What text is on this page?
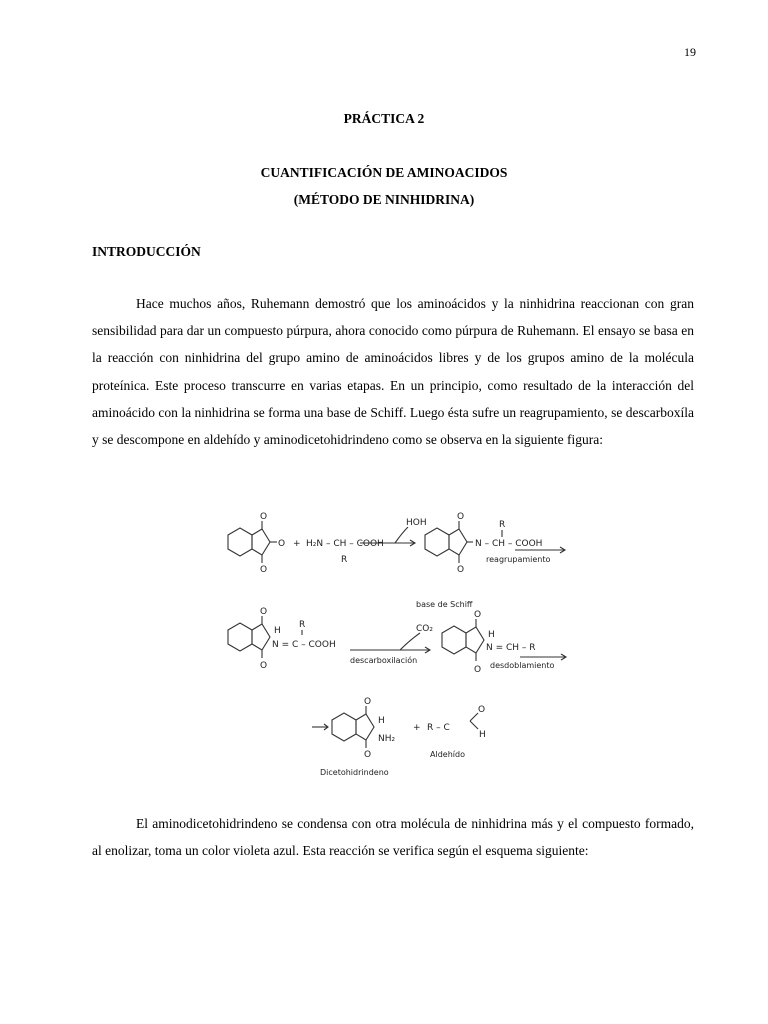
19
PRÁCTICA 2
CUANTIFICACIÓN DE AMINOACIDOS
(MÉTODO DE NINHIDRINA)
INTRODUCCIÓN

Hace muchos años, Ruhemann demostró que los aminoácidos y la ninhidrina reaccionan con gran sensibilidad para dar un compuesto púrpura, ahora conocido como púrpura de Ruhemann. El ensayo se basa en la reacción con ninhidrina del grupo amino de aminoácidos libres y de los grupos amino de la molécula proteínica. Este proceso transcurre en varias etapas. En un principio, como resultado de la interacción del aminoácido con la ninhidrina se forma una base de Schiff. Luego ésta sufre un reagrupamiento, se descarboxíla y se descompone en aldehído y aminodicetohidrindeno como se observa en la siguiente figura:

O
O
O + H₂N – CH – COOH
R
HOH
O
O
R
N – CH – COOH
reagrupamiento
base de Schiff
O
O
H
R
N = C – COOH
CO₂
descarboxilación
O
O
H
N = CH – R
desdoblamiento
O
O
H
NH₂
+ R – C
O
H
Dicetohidrindeno
Aldehído

El aminodicetohidrindeno se condensa con otra molécula de ninhidrina más y el compuesto formado, al enolizar, toma un color violeta azul. Esta reacción se verifica según el esquema siguiente:
